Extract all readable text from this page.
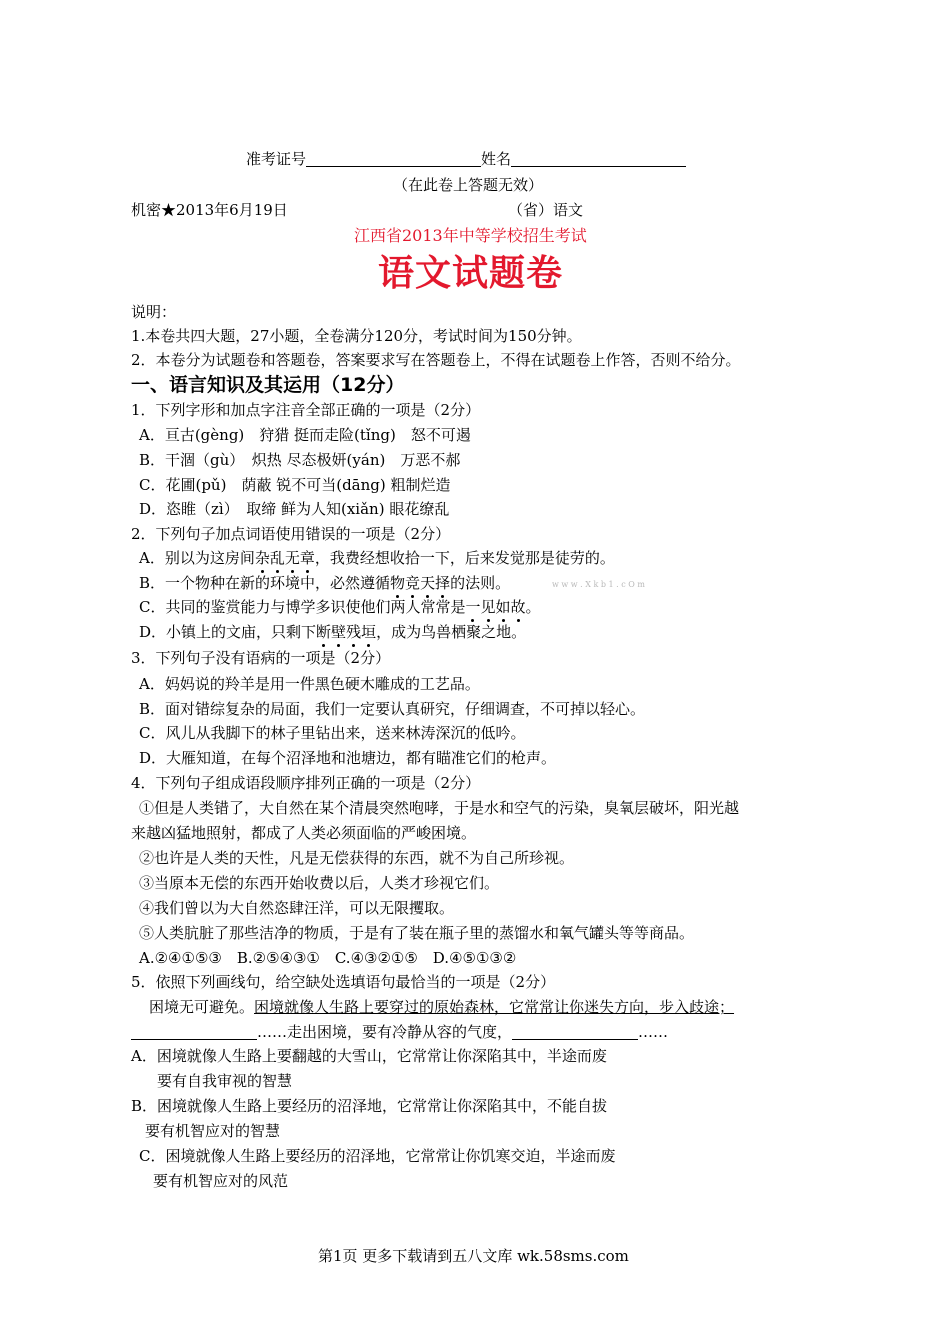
准考证号	姓名
（在此卷上答题无效）
机密★2013年6月19日	（省）语文
江西省2013年中等学校招生考试
语文试题卷
说明：
1.本卷共四大题，27小题，全卷满分120分，考试时间为150分钟。
2．本卷分为试题卷和答题卷，答案要求写在答题卷上，不得在试题卷上作答，否则不给分。
一、语言知识及其运用（12分）
1．下列字形和加点字注音全部正确的一项是（2分）
A．亘古(gèng)　狩猎 挺而走险(tǐng)　怒不可遏
B．干涸（gù）　炽热 尽态极妍(yán)　万恶不郝
C．花圃(pǔ)　荫蔽 锐不可当(dāng) 粗制烂造
D．恣睢（zì）　取缔 鲜为人知(xiǎn) 眼花缭乱
2．下列句子加点词语使用错误的一项是（2分）
A．别以为这房间杂乱无章，我费经想收拾一下，后来发觉那是徒劳的。
B．一个物种在新的环境中，必然遵循物竞天择的法则。	w w w . X k b 1 . c O m
C．共同的鉴赏能力与博学多识使他们两人常常是一见如故。
D．小镇上的文庙，只剩下断壁残垣，成为鸟兽栖聚之地。
3．下列句子没有语病的一项是（2分）
A．妈妈说的羚羊是用一件黑色硬木雕成的工艺品。
B．面对错综复杂的局面，我们一定要认真研究，仔细调查，不可掉以轻心。
C．风儿从我脚下的林子里钻出来，送来林涛深沉的低吟。
D．大雁知道，在每个沼泽地和池塘边，都有瞄准它们的枪声。
4．下列句子组成语段顺序排列正确的一项是（2分）
①但是人类错了，大自然在某个清晨突然咆哮，于是水和空气的污染，臭氧层破坏，阳光越
来越凶猛地照射，都成了人类必须面临的严峻困境。
②也许是人类的天性，凡是无偿获得的东西，就不为自己所珍视。
③当原本无偿的东西开始收费以后，人类才珍视它们。
④我们曾以为大自然恣肆汪洋，可以无限攫取。
⑤人类肮脏了那些洁净的物质，于是有了装在瓶子里的蒸馏水和氧气罐头等等商品。
A.②④①⑤③　B.②⑤④③①　C.④③②①⑤　D.④⑤①③②
5．依照下列画线句，给空缺处选填语句最恰当的一项是（2分）
困境无可避免。困境就像人生路上要穿过的原始森林，它常常让你迷失方向，步入歧途；
……走出困境，要有冷静从容的气度，	……
A．困境就像人生路上要翻越的大雪山，它常常让你深陷其中，半途而废
要有自我审视的智慧
B．困境就像人生路上要经历的沼泽地，它常常让你深陷其中，不能自拔
要有机智应对的智慧
C．困境就像人生路上要经历的沼泽地，它常常让你饥寒交迫，半途而废
要有机智应对的风范
第1页 更多下载请到五八文库 wk.58sms.com
